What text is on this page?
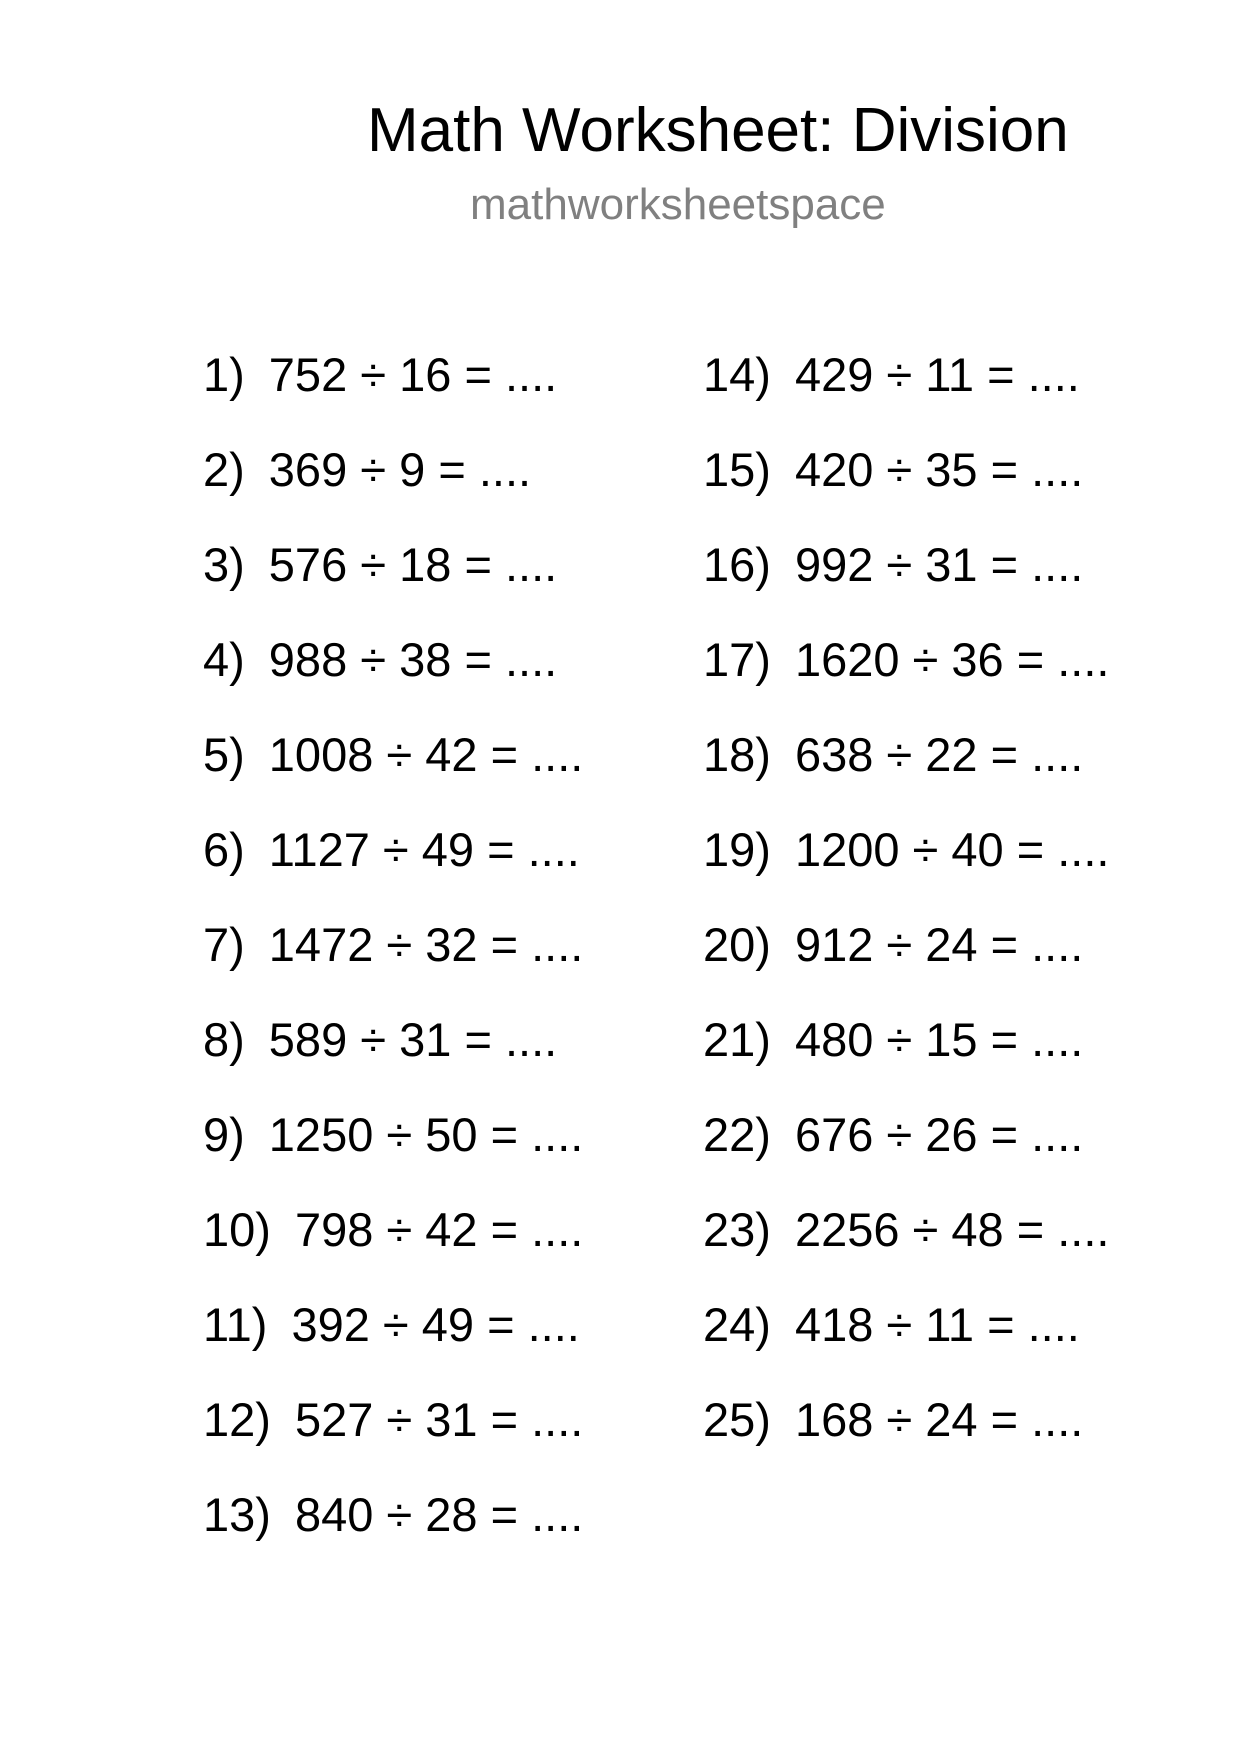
Math Worksheet: Division
mathworksheetspace
1) 752 ÷ 16 = ....
2) 369 ÷ 9 = ....
3) 576 ÷ 18 = ....
4) 988 ÷ 38 = ....
5) 1008 ÷ 42 = ....
6) 1127 ÷ 49 = ....
7) 1472 ÷ 32 = ....
8) 589 ÷ 31 = ....
9) 1250 ÷ 50 = ....
10) 798 ÷ 42 = ....
11) 392 ÷ 49 = ....
12) 527 ÷ 31 = ....
13) 840 ÷ 28 = ....
14) 429 ÷ 11 = ....
15) 420 ÷ 35 = ....
16) 992 ÷ 31 = ....
17) 1620 ÷ 36 = ....
18) 638 ÷ 22 = ....
19) 1200 ÷ 40 = ....
20) 912 ÷ 24 = ....
21) 480 ÷ 15 = ....
22) 676 ÷ 26 = ....
23) 2256 ÷ 48 = ....
24) 418 ÷ 11 = ....
25) 168 ÷ 24 = ....
